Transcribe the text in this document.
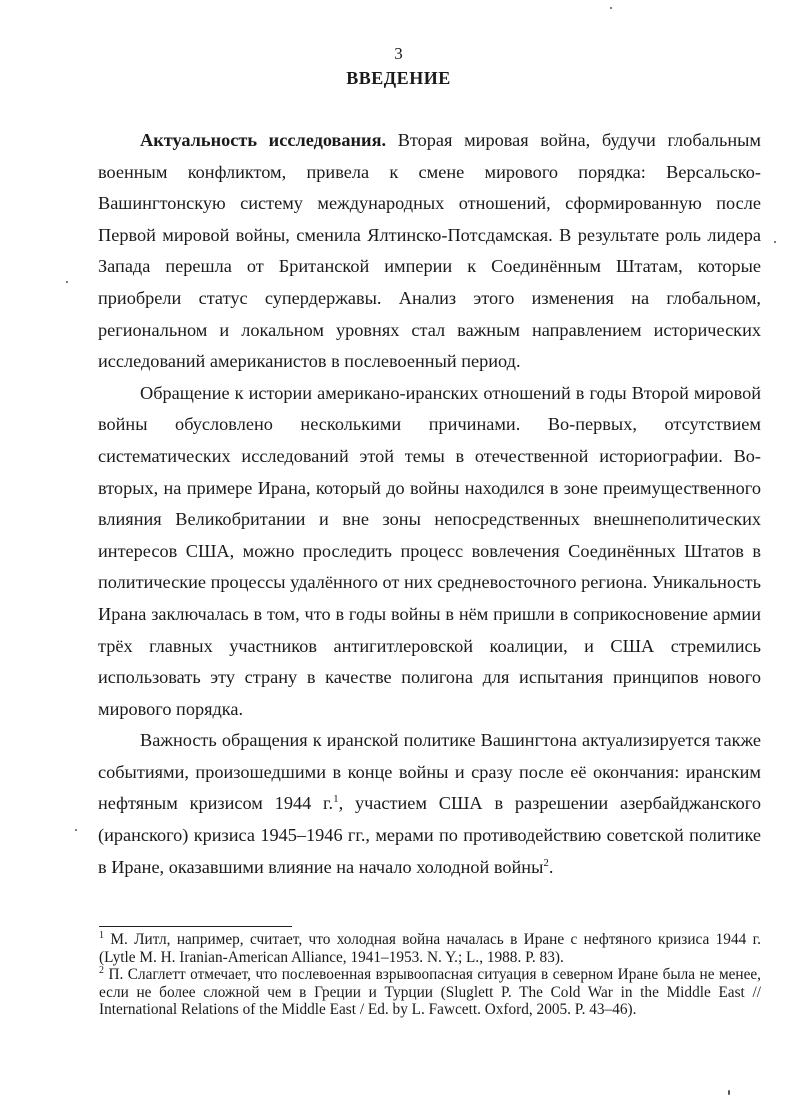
3
ВВЕДЕНИЕ

Актуальность исследования. Вторая мировая война, будучи глобальным военным конфликтом, привела к смене мирового порядка: Версальско-Вашингтонскую систему международных отношений, сформированную после Первой мировой войны, сменила Ялтинско-Потсдамская. В результате роль лидера Запада перешла от Британской империи к Соединённым Штатам, которые приобрели статус супердержавы. Анализ этого изменения на глобальном, региональном и локальном уровнях стал важным направлением исторических исследований американистов в послевоенный период.

Обращение к истории американо-иранских отношений в годы Второй мировой войны обусловлено несколькими причинами. Во-первых, отсутствием систематических исследований этой темы в отечественной историографии. Во-вторых, на примере Ирана, который до войны находился в зоне преимущественного влияния Великобритании и вне зоны непосредственных внешнеполитических интересов США, можно проследить процесс вовлечения Соединённых Штатов в политические процессы удалённого от них средневосточного региона. Уникальность Ирана заключалась в том, что в годы войны в нём пришли в соприкосновение армии трёх главных участников антигитлеровской коалиции, и США стремились использовать эту страну в качестве полигона для испытания принципов нового мирового порядка.

Важность обращения к иранской политике Вашингтона актуализируется также событиями, произошедшими в конце войны и сразу после её окончания: иранским нефтяным кризисом 1944 г.$^1$, участием США в разрешении азербайджанского (иранского) кризиса 1945–1946 гг., мерами по противодействию советской политике в Иране, оказавшими влияние на начало холодной войны$^2$.

$^1$ М. Литл, например, считает, что холодная война началась в Иране с нефтяного кризиса 1944 г. (Lytle M. H. Iranian-American Alliance, 1941–1953. N. Y.; L., 1988. P. 83).

$^2$ П. Слаглетт отмечает, что послевоенная взрывоопасная ситуация в северном Иране была не менее, если не более сложной чем в Греции и Турции (Sluglett P. The Cold War in the Middle East // International Relations of the Middle East / Ed. by L. Fawcett. Oxford, 2005. P. 43–46).
